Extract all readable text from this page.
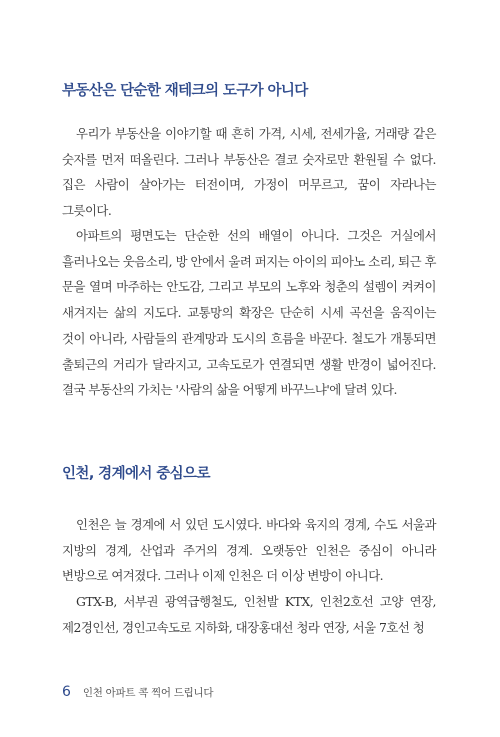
부동산은 단순한 재테크의 도구가 아니다

우리가 부동산을 이야기할 때 흔히 가격, 시세, 전세가율, 거래량 같은 숫자를 먼저 떠올린다. 그러나 부동산은 결코 숫자로만 환원될 수 없다. 집은 사람이 살아가는 터전이며, 가정이 머무르고, 꿈이 자라나는 그릇이다.

아파트의 평면도는 단순한 선의 배열이 아니다. 그것은 거실에서 흘러나오는 웃음소리, 방 안에서 울려 퍼지는 아이의 피아노 소리, 퇴근 후 문을 열며 마주하는 안도감, 그리고 부모의 노후와 청춘의 설렘이 켜켜이 새겨지는 삶의 지도다. 교통망의 확장은 단순히 시세 곡선을 움직이는 것이 아니라, 사람들의 관계망과 도시의 흐름을 바꾼다. 철도가 개통되면 출퇴근의 거리가 달라지고, 고속도로가 연결되면 생활 반경이 넓어진다. 결국 부동산의 가치는 '사람의 삶을 어떻게 바꾸느냐'에 달려 있다.

인천, 경계에서 중심으로

인천은 늘 경계에 서 있던 도시였다. 바다와 육지의 경계, 수도 서울과 지방의 경계, 산업과 주거의 경계. 오랫동안 인천은 중심이 아니라 변방으로 여겨졌다. 그러나 이제 인천은 더 이상 변방이 아니다.

GTX-B, 서부권 광역급행철도, 인천발 KTX, 인천2호선 고양 연장, 제2경인선, 경인고속도로 지하화, 대장홍대선 청라 연장, 서울 7호선 청

6 인천 아파트 콕 찍어 드립니다
